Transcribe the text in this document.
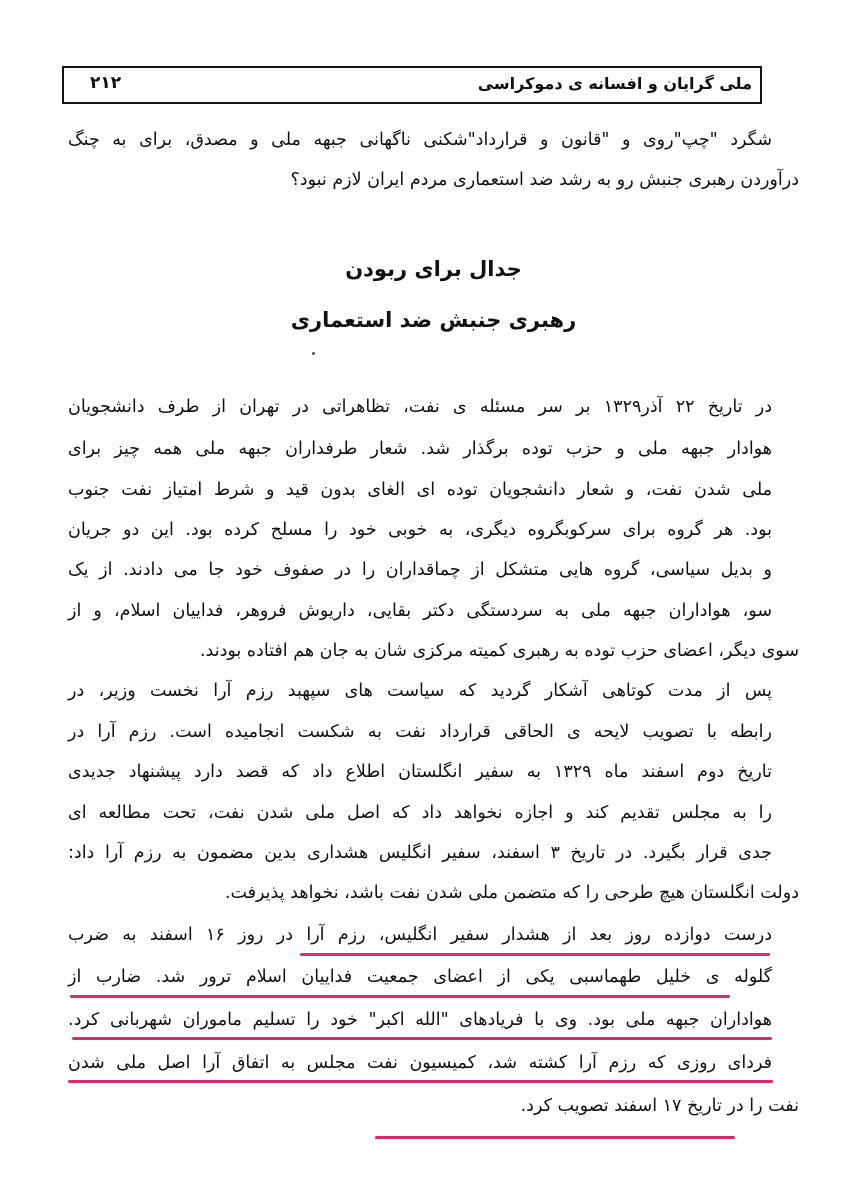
ملی گرایان و افسانه ی دموکراسی
۲۱۲
شگرد "چپ"روی و "قانون و قرارداد"شکنی ناگهانی جبهه ملی و مصدق، برای به چنگ
درآوردن رهبری جنبش رو به رشد ضد استعماری مردم ایران لازم نبود؟
جدال برای ربودن
رهبری جنبش ضد استعماری
در تاریخ ۲۲ آذر۱۳۲۹ بر سر مسئله ی نفت، تظاهراتی در تهران از طرف دانشجویان
هوادار جبهه ملی و حزب توده برگذار شد. شعار طرفداران جبهه ملی همه چیز برای
ملی شدن نفت، و شعار دانشجویان توده ای الغای بدون قید و شرط امتیاز نفت جنوب
بود. هر گروه برای سرکوبگروه دیگری، به خوبی خود را مسلح کرده بود. این دو جریان
و بدیل سیاسی، گروه هایی متشکل از چماقداران را در صفوف خود جا می دادند. از یک
سو، هواداران جبهه ملی به سردستگی دکتر بقایی، داریوش فروهر، فداییان اسلام، و از
سوی دیگر، اعضای حزب توده به رهبری کمیته مرکزی شان به جان هم افتاده بودند.
پس از مدت کوتاهی آشکار گردید که سیاست های سپهبد رزم آرا نخست وزیر، در
رابطه با تصویب لایحه ی الحاقی قرارداد نفت به شکست انجامیده است. رزم آرا در
تاریخ دوم اسفند ماه ۱۳۲۹ به سفیر انگلستان اطلاع داد که قصد دارد پیشنهاد جدیدی
را به مجلس تقدیم کند و اجازه نخواهد داد که اصل ملی شدن نفت، تحت مطالعه ای
جدی قرار بگیرد. در تاریخ ۳ اسفند، سفیر انگلیس هشداری بدین مضمون به رزم آرا داد:
دولت انگلستان هیچ طرحی را که متضمن ملی شدن نفت باشد، نخواهد پذیرفت.
درست دوازده روز بعد از هشدار سفیر انگلیس، رزم آرا در روز ۱۶ اسفند به ضرب
گلوله ی خلیل طهماسبی یکی از اعضای جمعیت فداییان اسلام ترور شد. ضارب از
هواداران جبهه ملی بود. وی با فریادهای "الله اکبر" خود را تسلیم ماموران شهربانی کرد.
فردای روزی که رزم آرا کشته شد، کمیسیون نفت مجلس به اتفاق آرا اصل ملی شدن
نفت را در تاریخ ۱۷ اسفند تصویب کرد.
